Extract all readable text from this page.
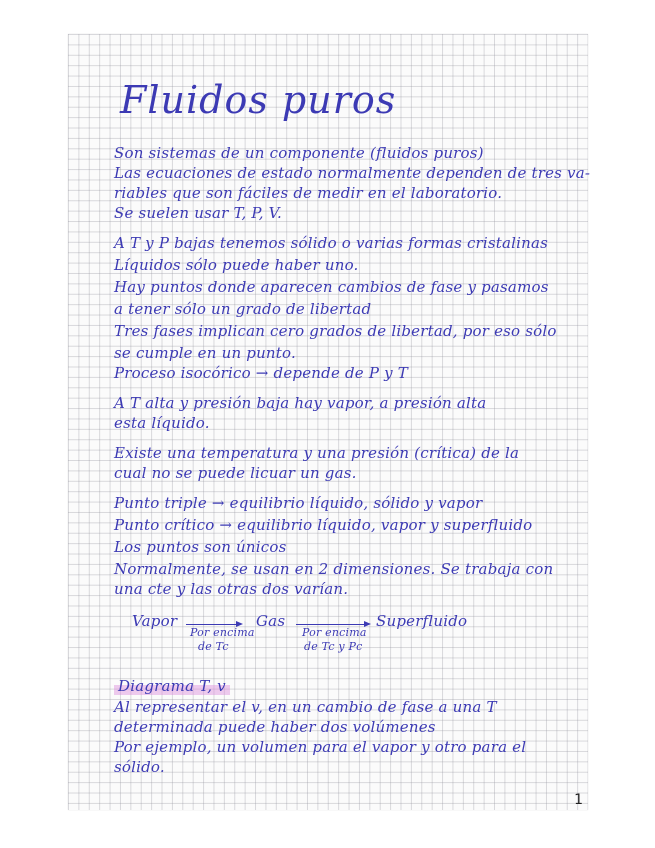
Fluidos puros
Son sistemas de un componente (fluidos puros)
Las ecuaciones de estado normalmente dependen de tres va-
riables que son fáciles de medir en el laboratorio.
Se suelen usar T, P, V.
A T y P bajas tenemos sólido o varias formas cristalinas
Líquidos sólo puede haber uno.
Hay puntos donde aparecen cambios de fase y pasamos
a tener sólo un grado de libertad
Tres fases implican cero grados de libertad, por eso sólo
se cumple en un punto.
Proceso isocórico → depende de P y T
A T alta y presión baja hay vapor, a presión alta
esta líquido.
Existe una temperatura y una presión (crítica) de la
cual no se puede licuar un gas.
Punto triple → equilibrio líquido, sólido y vapor
Punto crítico → equilibrio líquido, vapor y superfluido
Los puntos son únicos
Normalmente, se usan en 2 dimensiones. Se trabaja con
una cte y las otras dos varían.
Vapor
Por encima
de Tc
Gas
Por encima
de Tc y Pc
Superfluido
Diagrama T, v
Al representar el v, en un cambio de fase a una T
determinada puede haber dos volúmenes
Por ejemplo, un volumen para el vapor y otro para el
sólido.
1
